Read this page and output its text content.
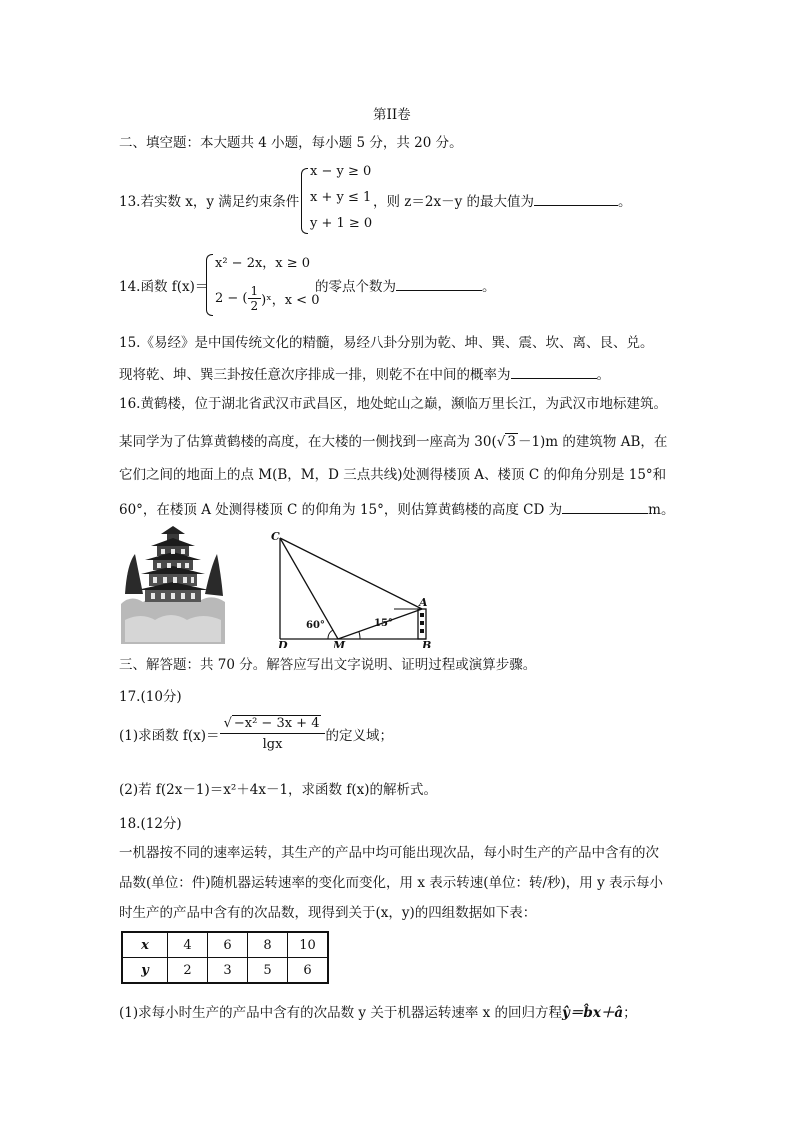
第II卷
二、填空题：本大题共 4 小题，每小题 5 分，共 20 分。
13.若实数 x，y 满足约束条件
x − y ≥ 0
x + y ≤ 1
y + 1 ≥ 0
，则 z＝2x－y 的最大值为	。
14.函数 f(x)＝
x² − 2x，x ≥ 0
2 − ( $\frac{1}{2}$ )ˣ，x < 0
的零点个数为	。
15.《易经》是中国传统文化的精髓，易经八卦分别为乾、坤、巽、震、坎、离、艮、兑。
现将乾、坤、巽三卦按任意次序排成一排，则乾不在中间的概率为	。
16.黄鹤楼，位于湖北省武汉市武昌区，地处蛇山之巅，濒临万里长江，为武汉市地标建筑。
某同学为了估算黄鹤楼的高度，在大楼的一侧找到一座高为 30(√ 3 －1)m 的建筑物 AB，在
它们之间的地面上的点 M(B，M，D 三点共线)处测得楼顶 A、楼顶 C 的仰角分别是 15°和
60°，在楼顶 A 处测得楼顶 C 的仰角为 15°，则估算黄鹤楼的高度 CD 为	m。
C
A
D	M	B
60°	15°
三、解答题：共 70 分。解答应写出文字说明、证明过程或演算步骤。
17.(10分)
(1)求函数 $f(x)= \frac{\text{√ −x² − 3x + 4}}{\lg x}$ 的定义域；
(2)若 f(2x－1)＝x²＋4x－1，求函数 f(x)的解析式。
18.(12分)
一机器按不同的速率运转，其生产的产品中均可能出现次品，每小时生产的产品中含有的次
品数(单位：件)随机器运转速率的变化而变化，用 x 表示转速(单位：转/秒)，用 y 表示每小
时生产的产品中含有的次品数，现得到关于(x，y)的四组数据如下表：
x	4	6	8	10
y	2	3	5	6
(1)求每小时生产的产品中含有的次品数 y 关于机器运转速率 x 的回归方程ŷ＝b̂x＋â；
